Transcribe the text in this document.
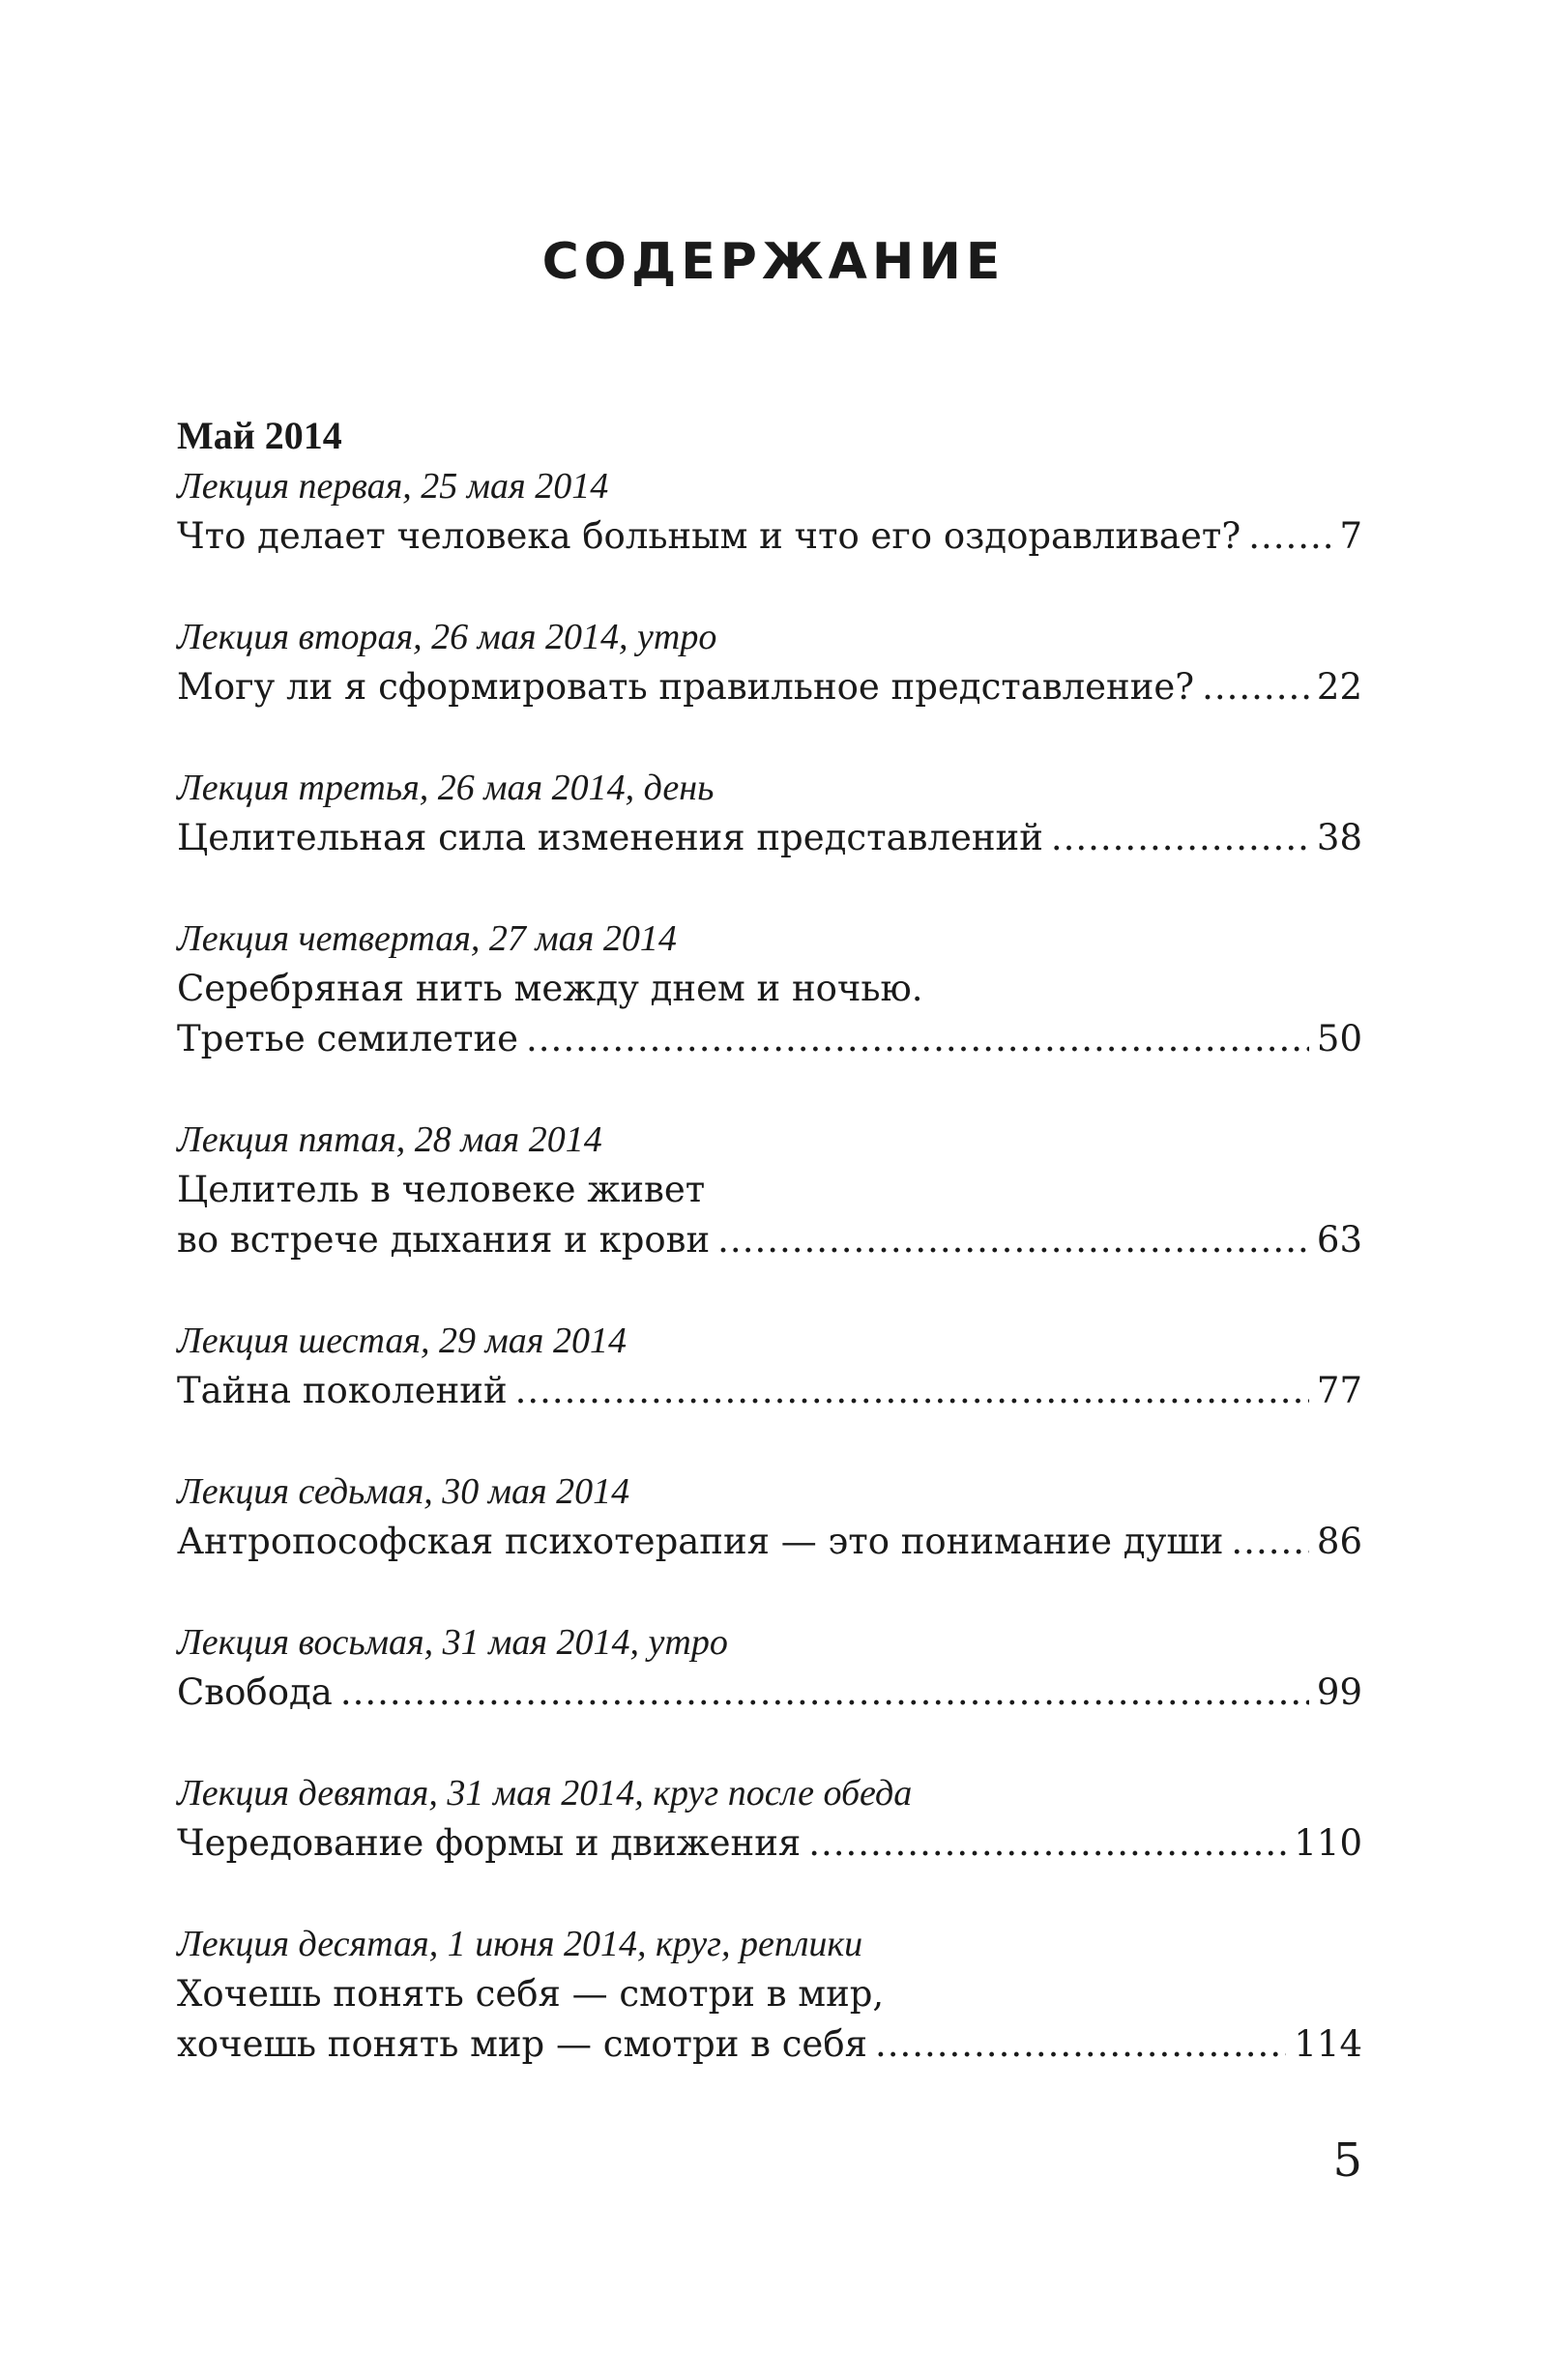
СОДЕРЖАНИЕ
Май 2014
Лекция первая, 25 мая 2014
Что делает человека больным и что его оздоравливает? .....	7
Лекция вторая, 26 мая 2014, утро
Могу ли я сформировать правильное представление? .....	22
Лекция третья, 26 мая 2014, день
Целительная сила изменения представлений .....	38
Лекция четвертая, 27 мая 2014
Серебряная нить между днем и ночью.
Третье семилетие .....	50
Лекция пятая, 28 мая 2014
Целитель в человеке живет
во встрече дыхания и крови .....	63
Лекция шестая, 29 мая 2014
Тайна поколений .....	77
Лекция седьмая, 30 мая 2014
Антропософская психотерапия — это понимание души .....	86
Лекция восьмая, 31 мая 2014, утро
Свобода .....	99
Лекция девятая, 31 мая 2014, круг после обеда
Чередование формы и движения .....	110
Лекция десятая, 1 июня 2014, круг, реплики
Хочешь понять себя — смотри в мир,
хочешь понять мир — смотри в себя .....	114
5
